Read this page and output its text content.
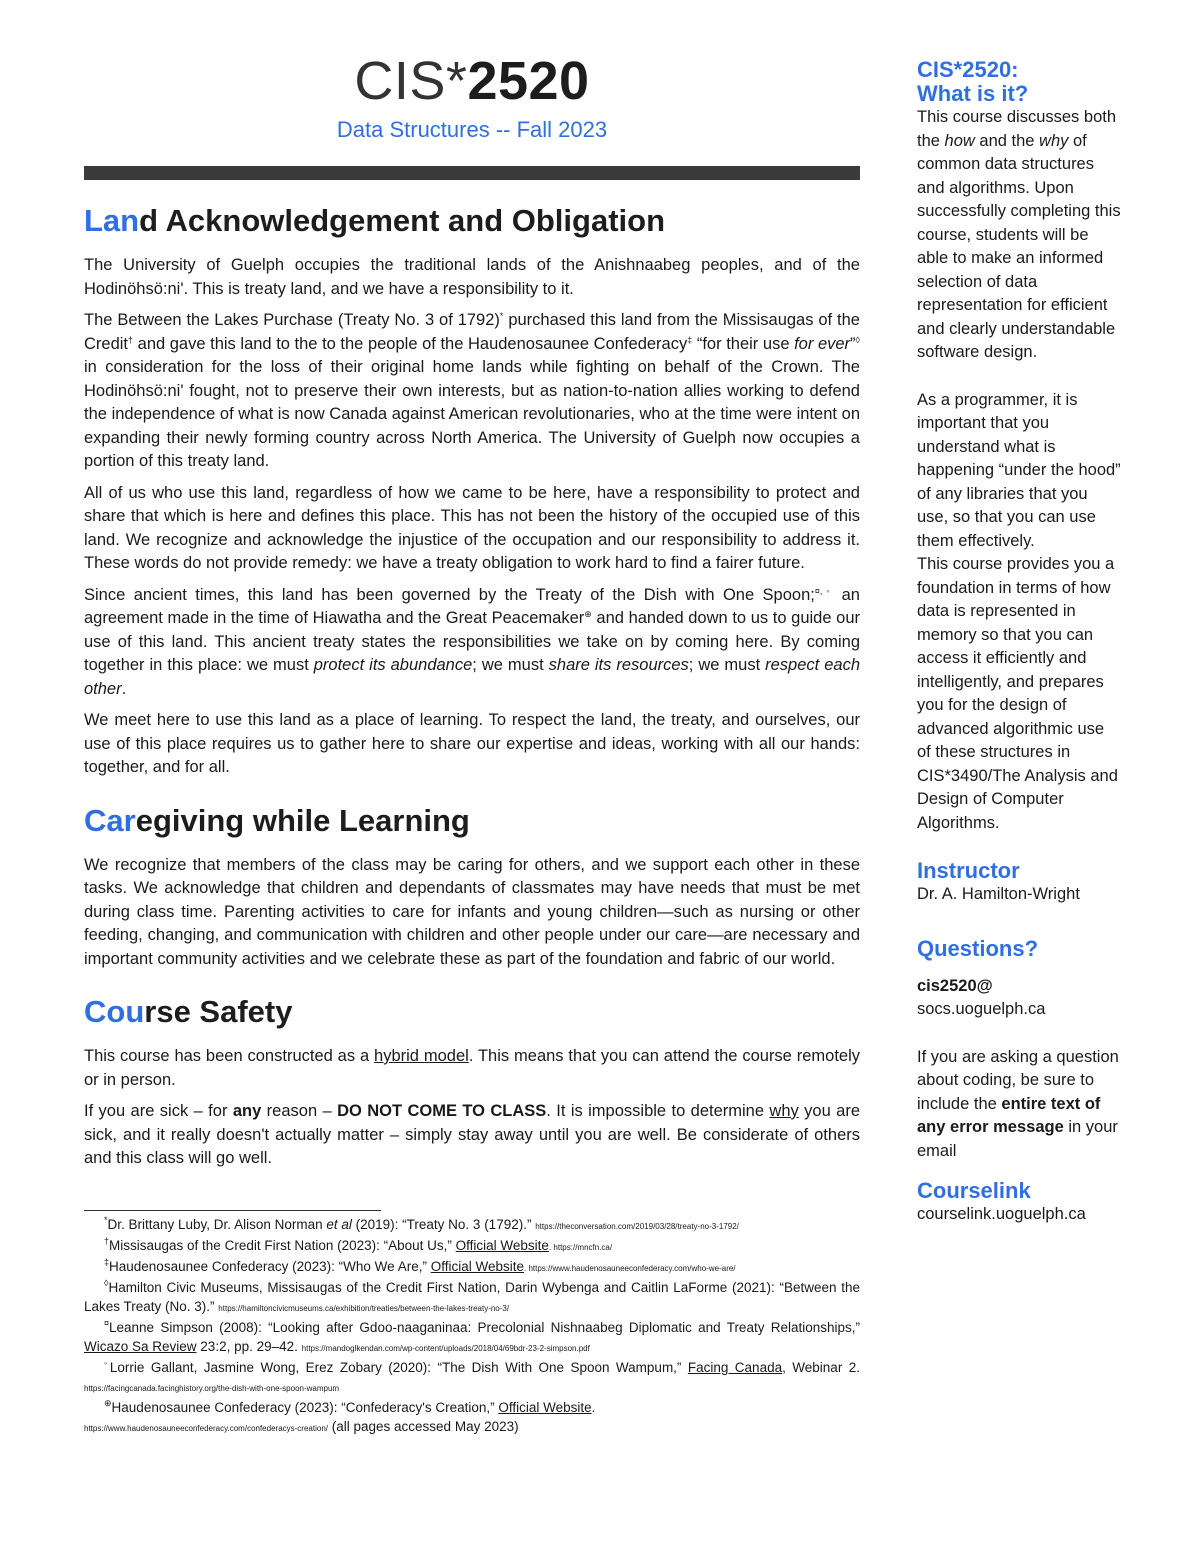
CIS*2520
Data Structures -- Fall 2023
Land Acknowledgement and Obligation

The University of Guelph occupies the traditional lands of the Anishnaabeg peoples, and of the Hodinöhsö:ni'. This is treaty land, and we have a responsibility to it.

The Between the Lakes Purchase (Treaty No. 3 of 1792)* purchased this land from the Missisaugas of the Credit† and gave this land to the to the people of the Haudenosaunee Confederacy‡ “for their use for ever”◊ in consideration for the loss of their original home lands while fighting on behalf of the Crown. The Hodinöhsö:ni' fought, not to preserve their own interests, but as nation-to-nation allies working to defend the independence of what is now Canada against American revolutionaries, who at the time were intent on expanding their newly forming country across North America. The University of Guelph now occupies a portion of this treaty land.

All of us who use this land, regardless of how we came to be here, have a responsibility to protect and share that which is here and defines this place. This has not been the history of the occupied use of this land. We recognize and acknowledge the injustice of the occupation and our responsibility to address it. These words do not provide remedy: we have a treaty obligation to work hard to find a fairer future.

Since ancient times, this land has been governed by the Treaty of the Dish with One Spoon;¤,◦ an agreement made in the time of Hiawatha and the Great Peacemaker⊕ and handed down to us to guide our use of this land. This ancient treaty states the responsibilities we take on by coming here. By coming together in this place: we must protect its abundance; we must share its resources; we must respect each other.

We meet here to use this land as a place of learning. To respect the land, the treaty, and ourselves, our use of this place requires us to gather here to share our expertise and ideas, working with all our hands: together, and for all.

Caregiving while Learning

We recognize that members of the class may be caring for others, and we support each other in these tasks. We acknowledge that children and dependants of classmates may have needs that must be met during class time. Parenting activities to care for infants and young children—such as nursing or other feeding, changing, and communication with children and other people under our care—are necessary and important community activities and we celebrate these as part of the foundation and fabric of our world.

Course Safety

This course has been constructed as a hybrid model. This means that you can attend the course remotely or in person.

If you are sick – for any reason – DO NOT COME TO CLASS. It is impossible to determine why you are sick, and it really doesn't actually matter – simply stay away until you are well. Be considerate of others and this class will go well.

*Dr. Brittany Luby, Dr. Alison Norman et al (2019): “Treaty No. 3 (1792).” https://theconversation.com/2019/03/28/treaty-no-3-1792/
†Missisaugas of the Credit First Nation (2023): “About Us,” Official Website. https://mncfn.ca/
‡Haudenosaunee Confederacy (2023): “Who We Are,” Official Website. https://www.haudenosauneeconfederacy.com/who-we-are/
◊Hamilton Civic Museums, Missisaugas of the Credit First Nation, Darin Wybenga and Caitlin LaForme (2021): “Between the Lakes Treaty (No. 3).” https://hamiltoncivicmuseums.ca/exhibition/treaties/between-the-lakes-treaty-no-3/
¤Leanne Simpson (2008): “Looking after Gdoo-naaganinaa: Precolonial Nishnaabeg Diplomatic and Treaty Relationships,” Wicazo Sa Review 23:2, pp. 29–42. https://mandoglkendan.com/wp-content/uploads/2018/04/69bdr-23-2-simpson.pdf
◦Lorrie Gallant, Jasmine Wong, Erez Zobary (2020): “The Dish With One Spoon Wampum,” Facing Canada, Webinar 2. https://facingcanada.facinghistory.org/the-dish-with-one-spoon-wampum
⊕Haudenosaunee Confederacy (2023): “Confederacy's Creation,” Official Website.
https://www.haudenosauneeconfederacy.com/confederacys-creation/ (all pages accessed May 2023)
CIS*2520:
What is it?

This course discusses both the how and the why of common data structures and algorithms. Upon successfully completing this course, students will be able to make an informed selection of data representation for efficient and clearly understandable software design.

As a programmer, it is important that you understand what is happening “under the hood” of any libraries that you use, so that you can use them effectively.

This course provides you a foundation in terms of how data is represented in memory so that you can access it efficiently and intelligently, and prepares you for the design of advanced algorithmic use of these structures in CIS*3490/The Analysis and Design of Computer Algorithms.

Instructor

Dr. A. Hamilton-Wright

Questions?

cis2520@
socs.uoguelph.ca

If you are asking a question about coding, be sure to include the entire text of any error message in your email

Courselink

courselink.uoguelph.ca
